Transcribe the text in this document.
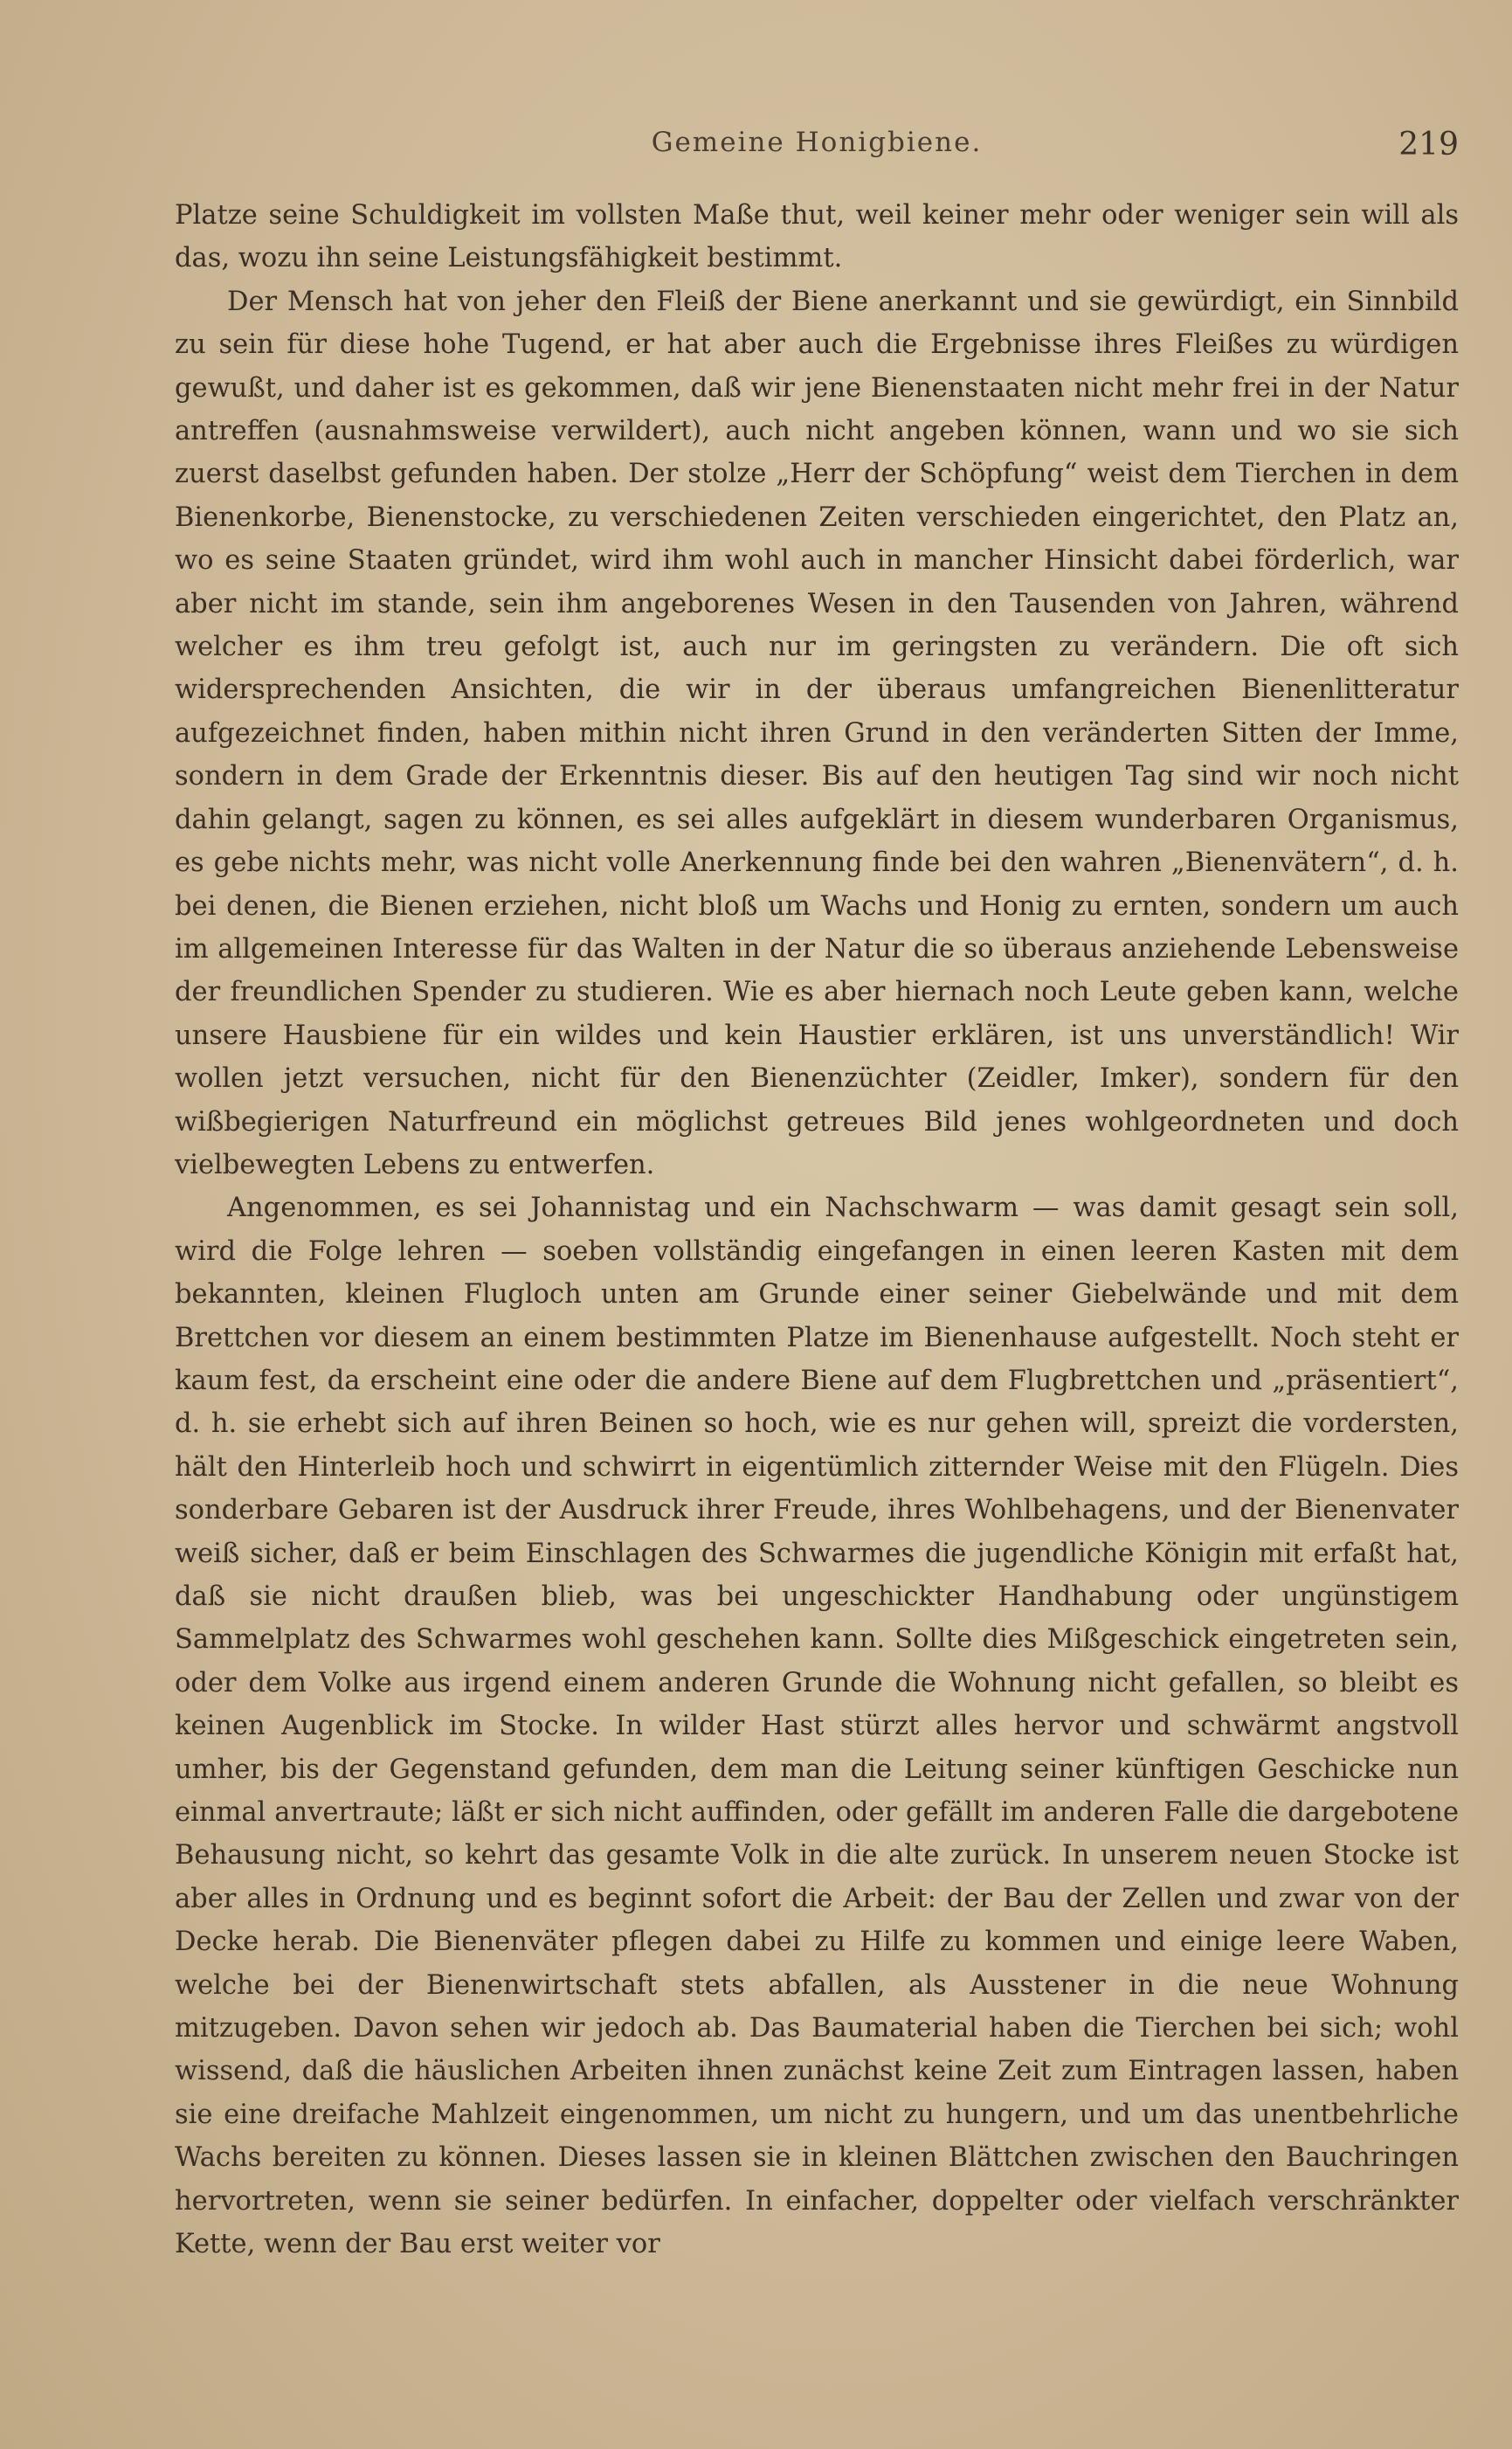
Gemeine Honigbiene.	219

Platze seine Schuldigkeit im vollsten Maße thut, weil keiner mehr oder weniger sein will als das, wozu ihn seine Leistungsfähigkeit bestimmt.

Der Mensch hat von jeher den Fleiß der Biene anerkannt und sie gewürdigt, ein Sinnbild zu sein für diese hohe Tugend, er hat aber auch die Ergebnisse ihres Fleißes zu würdigen gewußt, und daher ist es gekommen, daß wir jene Bienenstaaten nicht mehr frei in der Natur antreffen (ausnahmsweise verwildert), auch nicht angeben können, wann und wo sie sich zuerst daselbst gefunden haben. Der stolze „Herr der Schöpfung“ weist dem Tierchen in dem Bienenkorbe, Bienenstocke, zu verschiedenen Zeiten verschieden eingerichtet, den Platz an, wo es seine Staaten gründet, wird ihm wohl auch in mancher Hinsicht dabei förderlich, war aber nicht im stande, sein ihm angeborenes Wesen in den Tausenden von Jahren, während welcher es ihm treu gefolgt ist, auch nur im geringsten zu verändern. Die oft sich widersprechenden Ansichten, die wir in der überaus umfangreichen Bienenlitteratur aufgezeichnet finden, haben mithin nicht ihren Grund in den veränderten Sitten der Imme, sondern in dem Grade der Erkenntnis dieser. Bis auf den heutigen Tag sind wir noch nicht dahin gelangt, sagen zu können, es sei alles aufgeklärt in diesem wunderbaren Organismus, es gebe nichts mehr, was nicht volle Anerkennung finde bei den wahren „Bienenvätern“, d. h. bei denen, die Bienen erziehen, nicht bloß um Wachs und Honig zu ernten, sondern um auch im allgemeinen Interesse für das Walten in der Natur die so überaus anziehende Lebensweise der freundlichen Spender zu studieren. Wie es aber hiernach noch Leute geben kann, welche unsere Hausbiene für ein wildes und kein Haustier erklären, ist uns unverständlich! Wir wollen jetzt versuchen, nicht für den Bienenzüchter (Zeidler, Imker), sondern für den wißbegierigen Naturfreund ein möglichst getreues Bild jenes wohlgeordneten und doch vielbewegten Lebens zu entwerfen.

Angenommen, es sei Johannistag und ein Nachschwarm — was damit gesagt sein soll, wird die Folge lehren — soeben vollständig eingefangen in einen leeren Kasten mit dem bekannten, kleinen Flugloch unten am Grunde einer seiner Giebelwände und mit dem Brettchen vor diesem an einem bestimmten Platze im Bienenhause aufgestellt. Noch steht er kaum fest, da erscheint eine oder die andere Biene auf dem Flugbrettchen und „präsentiert“, d. h. sie erhebt sich auf ihren Beinen so hoch, wie es nur gehen will, spreizt die vordersten, hält den Hinterleib hoch und schwirrt in eigentümlich zitternder Weise mit den Flügeln. Dies sonderbare Gebaren ist der Ausdruck ihrer Freude, ihres Wohlbehagens, und der Bienenvater weiß sicher, daß er beim Einschlagen des Schwarmes die jugendliche Königin mit erfaßt hat, daß sie nicht draußen blieb, was bei ungeschickter Handhabung oder ungünstigem Sammelplatz des Schwarmes wohl geschehen kann. Sollte dies Mißgeschick eingetreten sein, oder dem Volke aus irgend einem anderen Grunde die Wohnung nicht gefallen, so bleibt es keinen Augenblick im Stocke. In wilder Hast stürzt alles hervor und schwärmt angstvoll umher, bis der Gegenstand gefunden, dem man die Leitung seiner künftigen Geschicke nun einmal anvertraute; läßt er sich nicht auffinden, oder gefällt im anderen Falle die dargebotene Behausung nicht, so kehrt das gesamte Volk in die alte zurück. In unserem neuen Stocke ist aber alles in Ordnung und es beginnt sofort die Arbeit: der Bau der Zellen und zwar von der Decke herab. Die Bienenväter pflegen dabei zu Hilfe zu kommen und einige leere Waben, welche bei der Bienenwirtschaft stets abfallen, als Ausstener in die neue Wohnung mitzugeben. Davon sehen wir jedoch ab. Das Baumaterial haben die Tierchen bei sich; wohl wissend, daß die häuslichen Arbeiten ihnen zunächst keine Zeit zum Eintragen lassen, haben sie eine dreifache Mahlzeit eingenommen, um nicht zu hungern, und um das unentbehrliche Wachs bereiten zu können. Dieses lassen sie in kleinen Blättchen zwischen den Bauchringen hervortreten, wenn sie seiner bedürfen. In einfacher, doppelter oder vielfach verschränkter Kette, wenn der Bau erst weiter vor
